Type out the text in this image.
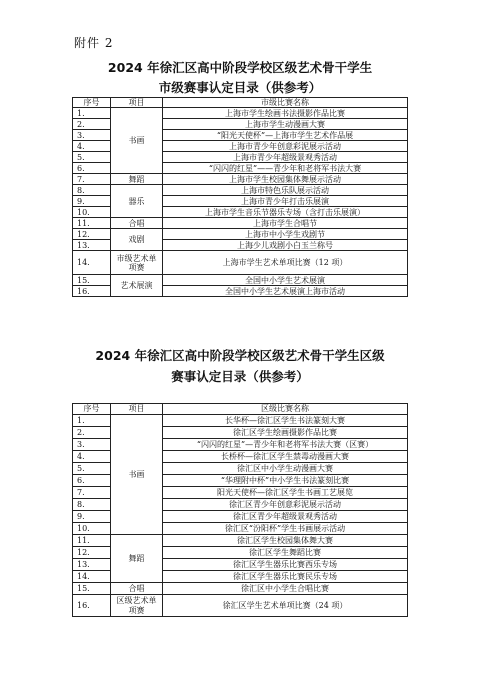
附件 2
2024 年徐汇区高中阶段学校区级艺术骨干学生
市级赛事认定目录（供参考）
序号	项目	市级比赛名称
1.	书画	上海市学生绘画书法摄影作品比赛
2.		上海市学生动漫画大赛
3.		“阳光天使杯”—上海市学生艺术作品展
4.		上海市青少年创意彩泥展示活动
5.		上海市青少年超级景观秀活动
6.		“闪闪的红星”——青少年和老将军书法大赛
7.	舞蹈	上海市学生校园集体舞展示活动
8.	器乐	上海市特色乐队展示活动
9.		上海市青少年打击乐展演
10.		上海市学生音乐节器乐专场（含打击乐展演）
11.	合唱	上海市学生合唱节
12.	戏剧	上海市中小学生戏剧节
13.		上海少儿戏剧小白玉兰称号
14.	市级艺术单项赛	上海市学生艺术单项比赛（12 项）
15.	艺术展演	全国中小学生艺术展演
16.		全国中小学生艺术展演上海市活动
2024 年徐汇区高中阶段学校区级艺术骨干学生区级
赛事认定目录（供参考）
序号	项目	区级比赛名称
1.	书画	长华杯—徐汇区学生书法篆刻大赛
2.		徐汇区学生绘画摄影作品比赛
3.		“闪闪的红星”—青少年和老将军书法大赛（区赛）
4.		长桥杯—徐汇区学生禁毒动漫画大赛
5.		徐汇区中小学生动漫画大赛
6.		“华理附中杯”中小学生书法篆刻比赛
7.		阳光天使杯—徐汇区学生书画工艺展览
8.		徐汇区青少年创意彩泥展示活动
9.		徐汇区青少年超级景观秀活动
10.		徐汇区“汾阳杯”学生书画展示活动
11.	舞蹈	徐汇区学生校园集体舞大赛
12.		徐汇区学生舞蹈比赛
13.		徐汇区学生器乐比赛西乐专场
14.		徐汇区学生器乐比赛民乐专场
15.	合唱	徐汇区中小学生合唱比赛
16.	区级艺术单项赛	徐汇区学生艺术单项比赛（24 项）
